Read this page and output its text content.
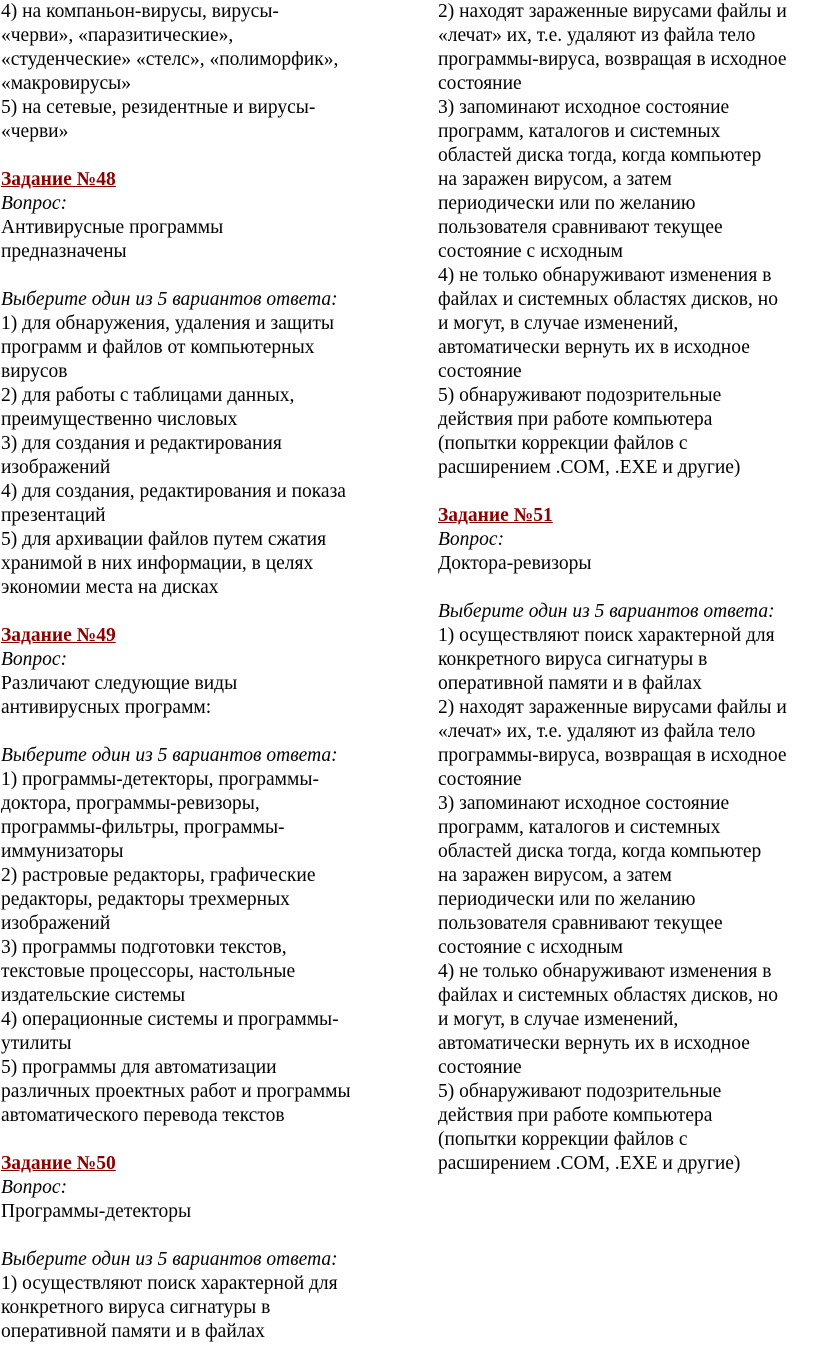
4) на компаньон-вирусы, вирусы-
«черви», «паразитические»,
«студенческие» «стелс», «полиморфик»,
«макровирусы»
5) на сетевые, резидентные и вирусы-
«черви»
Задание №48
Вопрос:
Антивирусные программы
предназначены
Выберите один из 5 вариантов ответа:
1) для обнаружения, удаления и защиты
программ и файлов от компьютерных
вирусов
2) для работы с таблицами данных,
преимущественно числовых
3) для создания и редактирования
изображений
4) для создания, редактирования и показа
презентаций
5) для архивации файлов путем сжатия
хранимой в них информации, в целях
экономии места на дисках
Задание №49
Вопрос:
Различают следующие виды
антивирусных программ:
Выберите один из 5 вариантов ответа:
1) программы-детекторы, программы-
доктора, программы-ревизоры,
программы-фильтры, программы-
иммунизаторы
2) растровые редакторы, графические
редакторы, редакторы трехмерных
изображений
3) программы подготовки текстов,
текстовые процессоры, настольные
издательские системы
4) операционные системы и программы-
утилиты
5) программы для автоматизации
различных проектных работ и программы
автоматического перевода текстов
Задание №50
Вопрос:
Программы-детекторы
Выберите один из 5 вариантов ответа:
1) осуществляют поиск характерной для
конкретного вируса сигнатуры в
оперативной памяти и в файлах
2) находят зараженные вирусами файлы и
«лечат» их, т.е. удаляют из файла тело
программы-вируса, возвращая в исходное
состояние
3) запоминают исходное состояние
программ, каталогов и системных
областей диска тогда, когда компьютер
на заражен вирусом, а затем
периодически или по желанию
пользователя сравнивают текущее
состояние с исходным
4) не только обнаруживают изменения в
файлах и системных областях дисков, но
и могут, в случае изменений,
автоматически вернуть их в исходное
состояние
5) обнаруживают подозрительные
действия при работе компьютера
(попытки коррекции файлов с
расширением .COM, .EXE и другие)
Задание №51
Вопрос:
Доктора-ревизоры
Выберите один из 5 вариантов ответа:
1) осуществляют поиск характерной для
конкретного вируса сигнатуры в
оперативной памяти и в файлах
2) находят зараженные вирусами файлы и
«лечат» их, т.е. удаляют из файла тело
программы-вируса, возвращая в исходное
состояние
3) запоминают исходное состояние
программ, каталогов и системных
областей диска тогда, когда компьютер
на заражен вирусом, а затем
периодически или по желанию
пользователя сравнивают текущее
состояние с исходным
4) не только обнаруживают изменения в
файлах и системных областях дисков, но
и могут, в случае изменений,
автоматически вернуть их в исходное
состояние
5) обнаруживают подозрительные
действия при работе компьютера
(попытки коррекции файлов с
расширением .COM, .EXE и другие)
